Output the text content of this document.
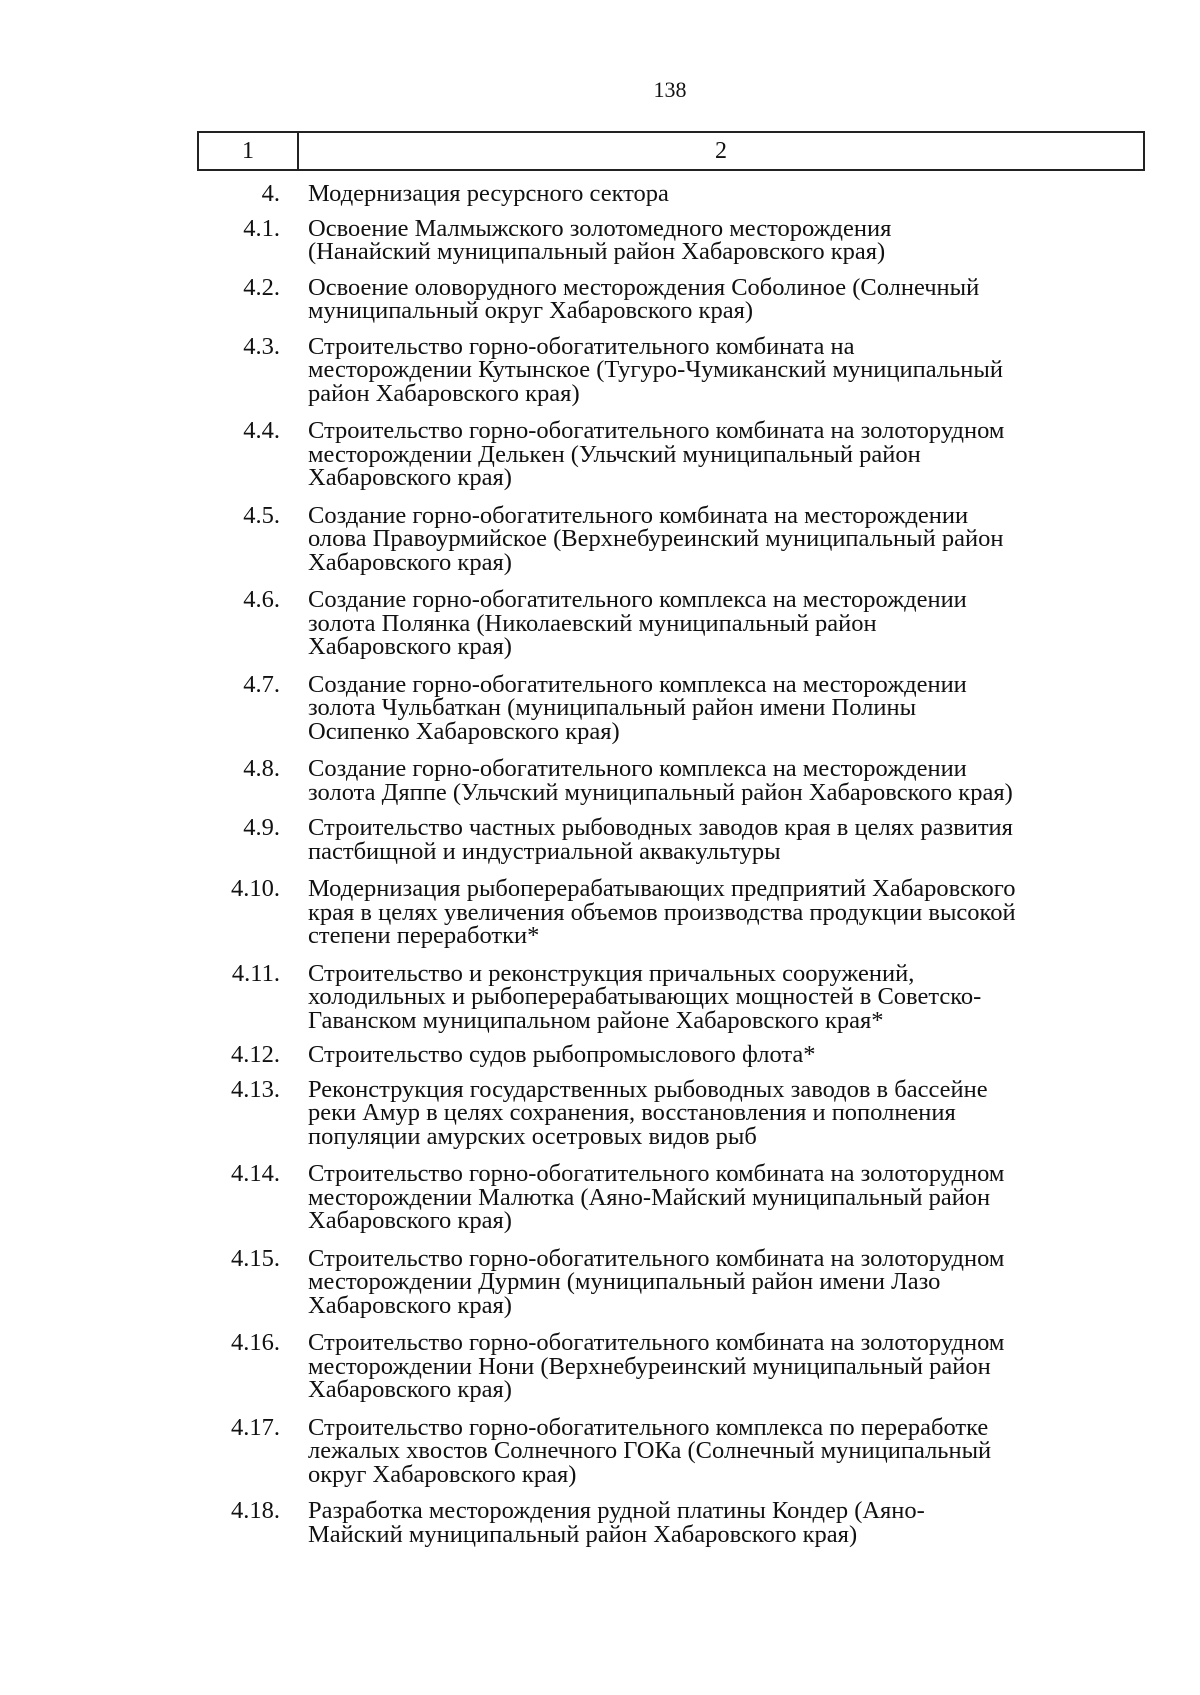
138
1	2
4. Модернизация ресурсного сектора
4.1. Освоение Малмыжского золотомедного месторождения
(Нанайский муниципальный район Хабаровского края)
4.2. Освоение оловорудного месторождения Соболиное (Солнечный
муниципальный округ Хабаровского края)
4.3. Строительство горно-обогатительного комбината на
месторождении Кутынское (Тугуро-Чумиканский муниципальный
район Хабаровского края)
4.4. Строительство горно-обогатительного комбината на золоторудном
месторождении Делькен (Ульчский муниципальный район
Хабаровского края)
4.5. Создание горно-обогатительного комбината на месторождении
олова Правоурмийское (Верхнебуреинский муниципальный район
Хабаровского края)
4.6. Создание горно-обогатительного комплекса на месторождении
золота Полянка (Николаевский муниципальный район
Хабаровского края)
4.7. Создание горно-обогатительного комплекса на месторождении
золота Чульбаткан (муниципальный район имени Полины
Осипенко Хабаровского края)
4.8. Создание горно-обогатительного комплекса на месторождении
золота Дяппе (Ульчский муниципальный район Хабаровского края)
4.9. Строительство частных рыбоводных заводов края в целях развития
пастбищной и индустриальной аквакультуры
4.10. Модернизация рыбоперерабатывающих предприятий Хабаровского
края в целях увеличения объемов производства продукции высокой
степени переработки*
4.11. Строительство и реконструкция причальных сооружений,
холодильных и рыбоперерабатывающих мощностей в Советско-
Гаванском муниципальном районе Хабаровского края*
4.12. Строительство судов рыбопромыслового флота*
4.13. Реконструкция государственных рыбоводных заводов в бассейне
реки Амур в целях сохранения, восстановления и пополнения
популяции амурских осетровых видов рыб
4.14. Строительство горно-обогатительного комбината на золоторудном
месторождении Малютка (Аяно-Майский муниципальный район
Хабаровского края)
4.15. Строительство горно-обогатительного комбината на золоторудном
месторождении Дурмин (муниципальный район имени Лазо
Хабаровского края)
4.16. Строительство горно-обогатительного комбината на золоторудном
месторождении Нони (Верхнебуреинский муниципальный район
Хабаровского края)
4.17. Строительство горно-обогатительного комплекса по переработке
лежалых хвостов Солнечного ГОКа (Солнечный муниципальный
округ Хабаровского края)
4.18. Разработка месторождения рудной платины Кондер (Аяно-
Майский муниципальный район Хабаровского края)
